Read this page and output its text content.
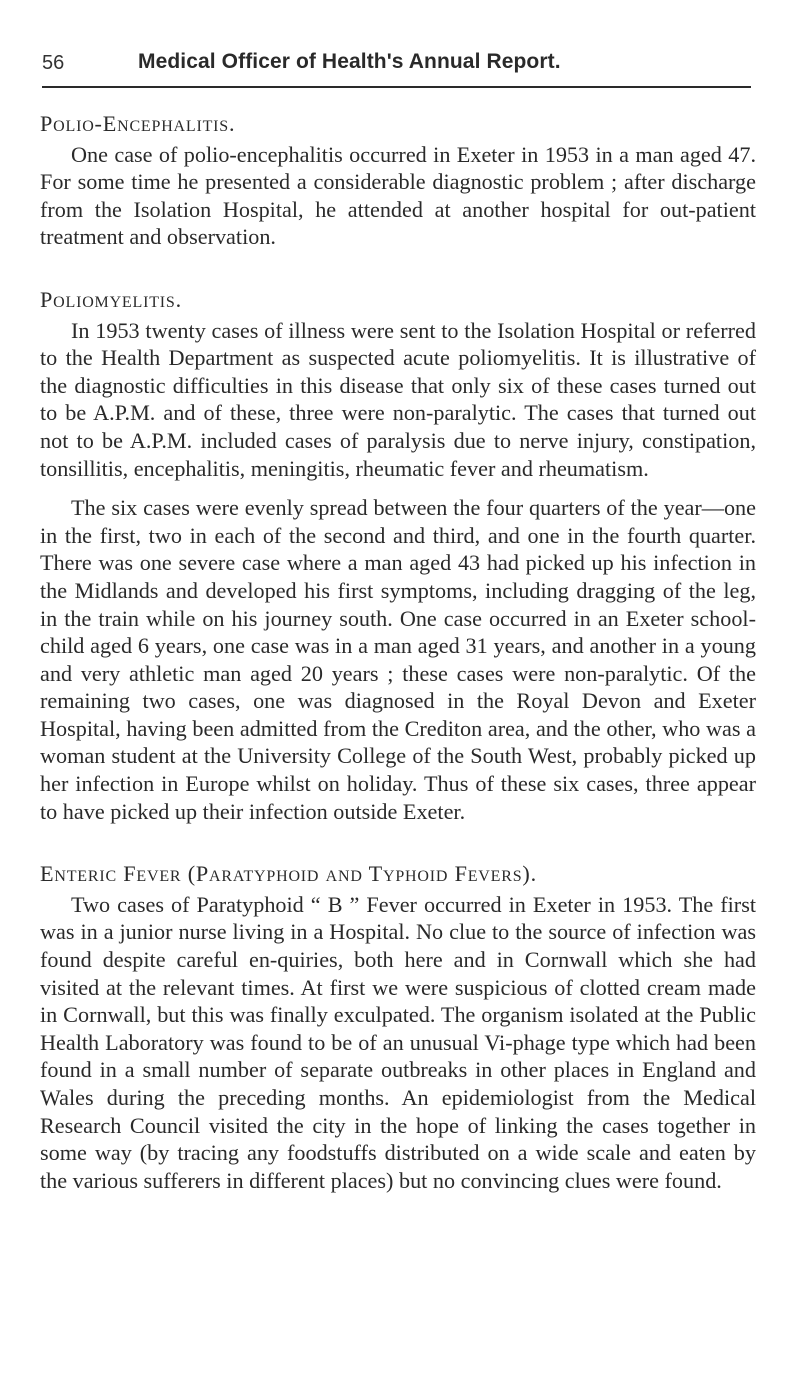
56	Medical Officer of Health's Annual Report.
Polio-Encephalitis.

One case of polio-encephalitis occurred in Exeter in 1953 in a man aged 47. For some time he presented a considerable diagnostic problem ; after discharge from the Isolation Hospital, he attended at another hospital for out-patient treatment and observation.

Poliomyelitis.

In 1953 twenty cases of illness were sent to the Isolation Hospital or referred to the Health Department as suspected acute poliomyelitis. It is illustrative of the diagnostic difficulties in this disease that only six of these cases turned out to be A.P.M. and of these, three were non-paralytic. The cases that turned out not to be A.P.M. included cases of paralysis due to nerve injury, constipation, tonsillitis, encephalitis, meningitis, rheumatic fever and rheumatism.

The six cases were evenly spread between the four quarters of the year—one in the first, two in each of the second and third, and one in the fourth quarter. There was one severe case where a man aged 43 had picked up his infection in the Midlands and developed his first symptoms, including dragging of the leg, in the train while on his journey south. One case occurred in an Exeter school-child aged 6 years, one case was in a man aged 31 years, and another in a young and very athletic man aged 20 years ; these cases were non-paralytic. Of the remaining two cases, one was diagnosed in the Royal Devon and Exeter Hospital, having been admitted from the Crediton area, and the other, who was a woman student at the University College of the South West, probably picked up her infection in Europe whilst on holiday. Thus of these six cases, three appear to have picked up their infection outside Exeter.

Enteric Fever (Paratyphoid and Typhoid Fevers).

Two cases of Paratyphoid “ B ” Fever occurred in Exeter in 1953. The first was in a junior nurse living in a Hospital. No clue to the source of infection was found despite careful en-quiries, both here and in Cornwall which she had visited at the relevant times. At first we were suspicious of clotted cream made in Cornwall, but this was finally exculpated. The organism isolated at the Public Health Laboratory was found to be of an unusual Vi-phage type which had been found in a small number of separate outbreaks in other places in England and Wales during the preceding months. An epidemiologist from the Medical Research Council visited the city in the hope of linking the cases together in some way (by tracing any foodstuffs distributed on a wide scale and eaten by the various sufferers in different places) but no convincing clues were found.
